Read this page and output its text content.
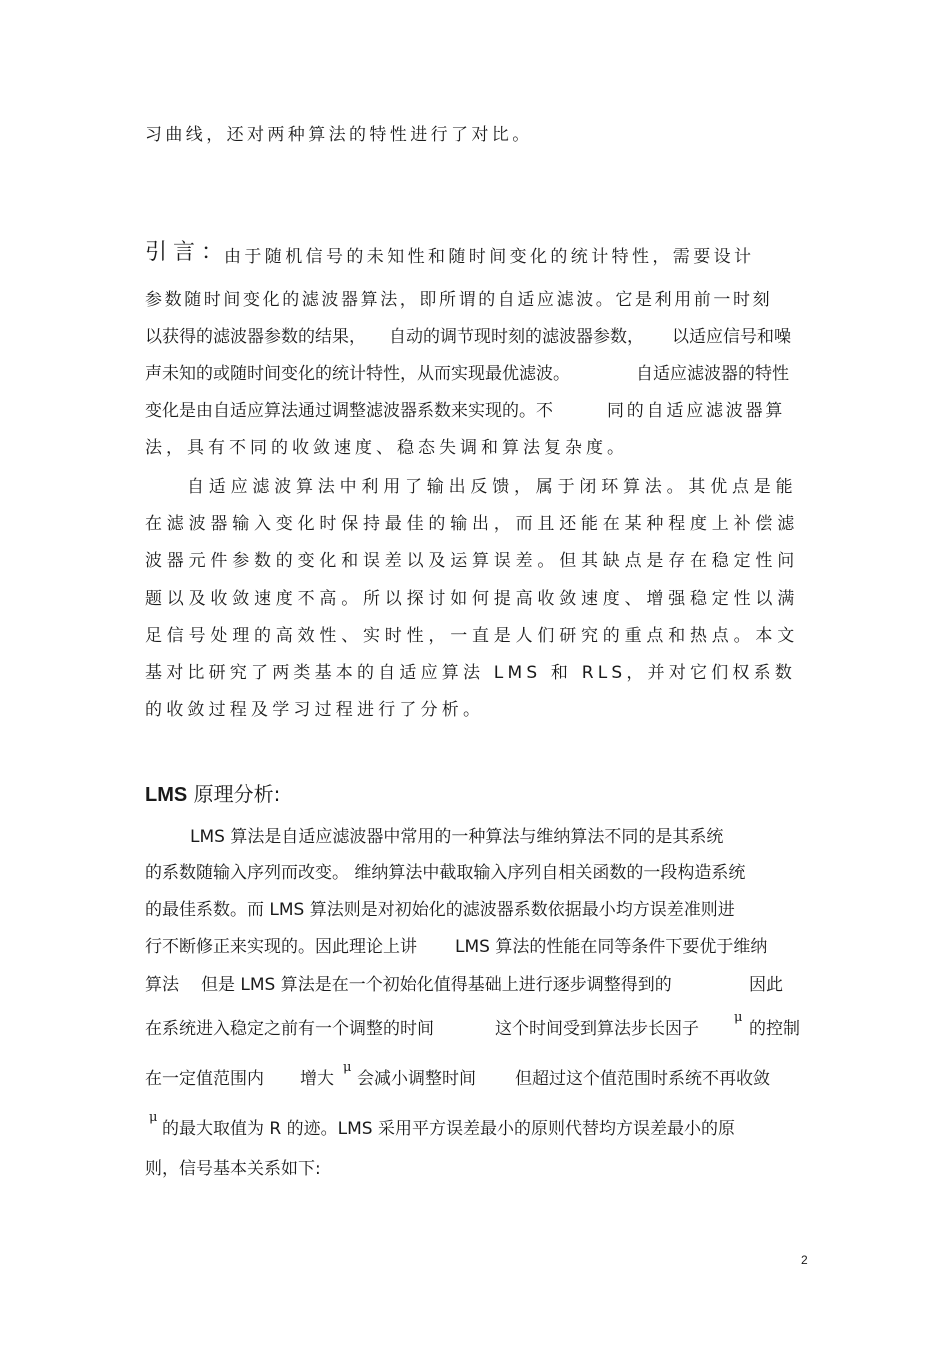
习曲线，还对两种算法的特性进行了对比。
引言：
由于随机信号的未知性和随时间变化的统计特性，需要设计
参数随时间变化的滤波器算法，即所谓的自适应滤波。它是利用前一时刻
以获得的滤波器参数的结果， 自动的调节现时刻的滤波器参数， 以适应信号和噪
声未知的或随时间变化的统计特性，从而实现最优滤波。	自适应滤波器的特性
变化是由自适应算法通过调整滤波器系数来实现的。不	同的自适应滤波器算
法，具有不同的收敛速度、稳态失调和算法复杂度。
自适应滤波算法中利用了输出反馈，属于闭环算法。其优点是能
在滤波器输入变化时保持最佳的输出，而且还能在某种程度上补偿滤
波器元件参数的变化和误差以及运算误差。但其缺点是存在稳定性问
题以及收敛速度不高。所以探讨如何提高收敛速度、增强稳定性以满
足信号处理的高效性、实时性，一直是人们研究的重点和热点。本文
基对比研究了两类基本的自适应算法 LMS 和 RLS，并对它们权系数
的收敛过程及学习过程进行了分析。
LMS 原理分析:
LMS 算法是自适应滤波器中常用的一种算法与维纳算法不同的是其系统
的系数随输入序列而改变。 维纳算法中截取输入序列自相关函数的一段构造系统
的最佳系数。而 LMS 算法则是对初始化的滤波器系数依据最小均方误差准则进
行不断修正来实现的。因此理论上讲 LMS 算法的性能在同等条件下要优于维纳
算法 但是 LMS 算法是在一个初始化值得基础上进行逐步调整得到的	因此
在系统进入稳定之前有一个调整的时间	这个时间受到算法步长因子
μ
的控制
在一定值范围内 增大
μ
会减小调整时间 但超过这个值范围时系统不再收敛
μ
的最大取值为 R 的迹。LMS 采用平方误差最小的原则代替均方误差最小的原
则，信号基本关系如下:
2
